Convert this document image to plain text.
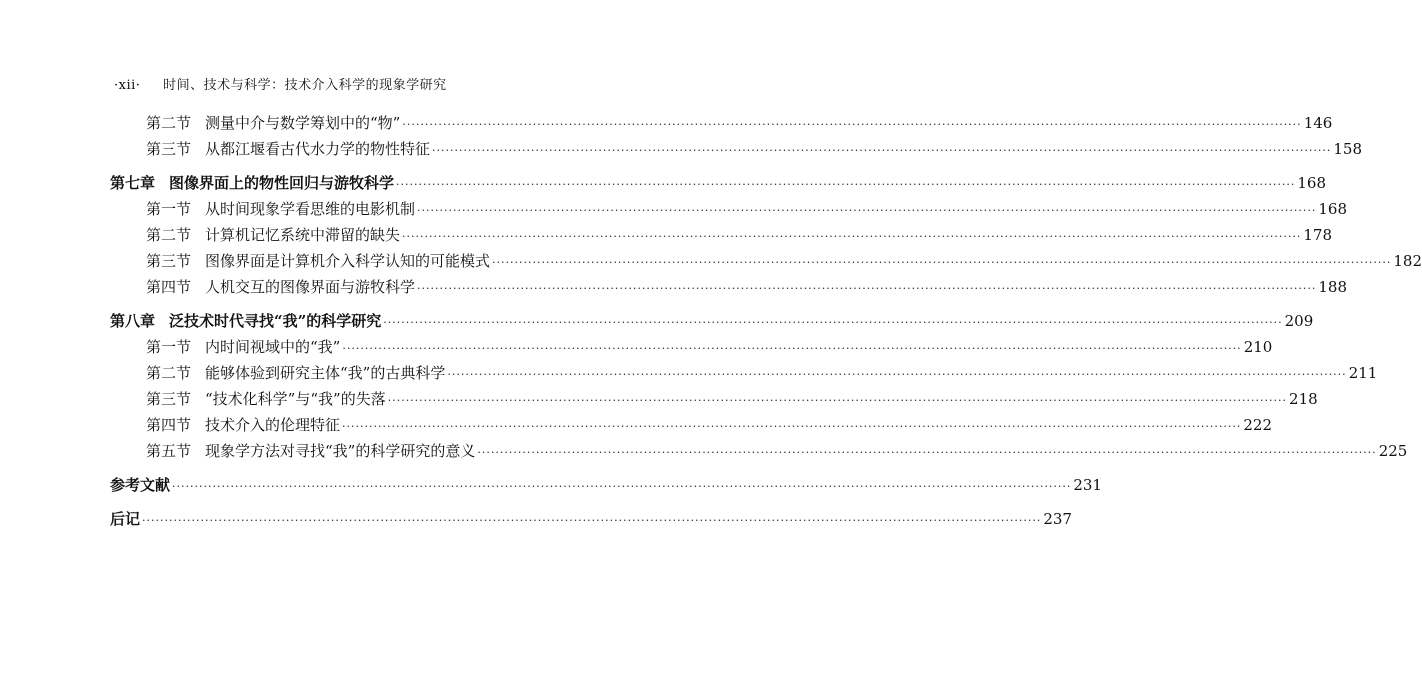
·xii· 时间、技术与科学：技术介入科学的现象学研究
第二节 测量中介与数学筹划中的“物” ········································································································································································································ 146
第三节 从都江堰看古代水力学的物性特征 ········································································································································································································ 158
第七章 图像界面上的物性回归与游牧科学 ········································································································································································································ 168
第一节 从时间现象学看思维的电影机制 ········································································································································································································ 168
第二节 计算机记忆系统中滞留的缺失 ········································································································································································································ 178
第三节 图像界面是计算机介入科学认知的可能模式 ········································································································································································································ 182
第四节 人机交互的图像界面与游牧科学 ········································································································································································································ 188
第八章 泛技术时代寻找“我”的科学研究 ········································································································································································································ 209
第一节 内时间视域中的“我” ········································································································································································································ 210
第二节 能够体验到研究主体“我”的古典科学 ········································································································································································································ 211
第三节 “技术化科学”与“我”的失落 ········································································································································································································ 218
第四节 技术介入的伦理特征 ········································································································································································································ 222
第五节 现象学方法对寻找“我”的科学研究的意义 ········································································································································································································ 225
参考文献 ········································································································································································································ 231
后记 ········································································································································································································ 237
